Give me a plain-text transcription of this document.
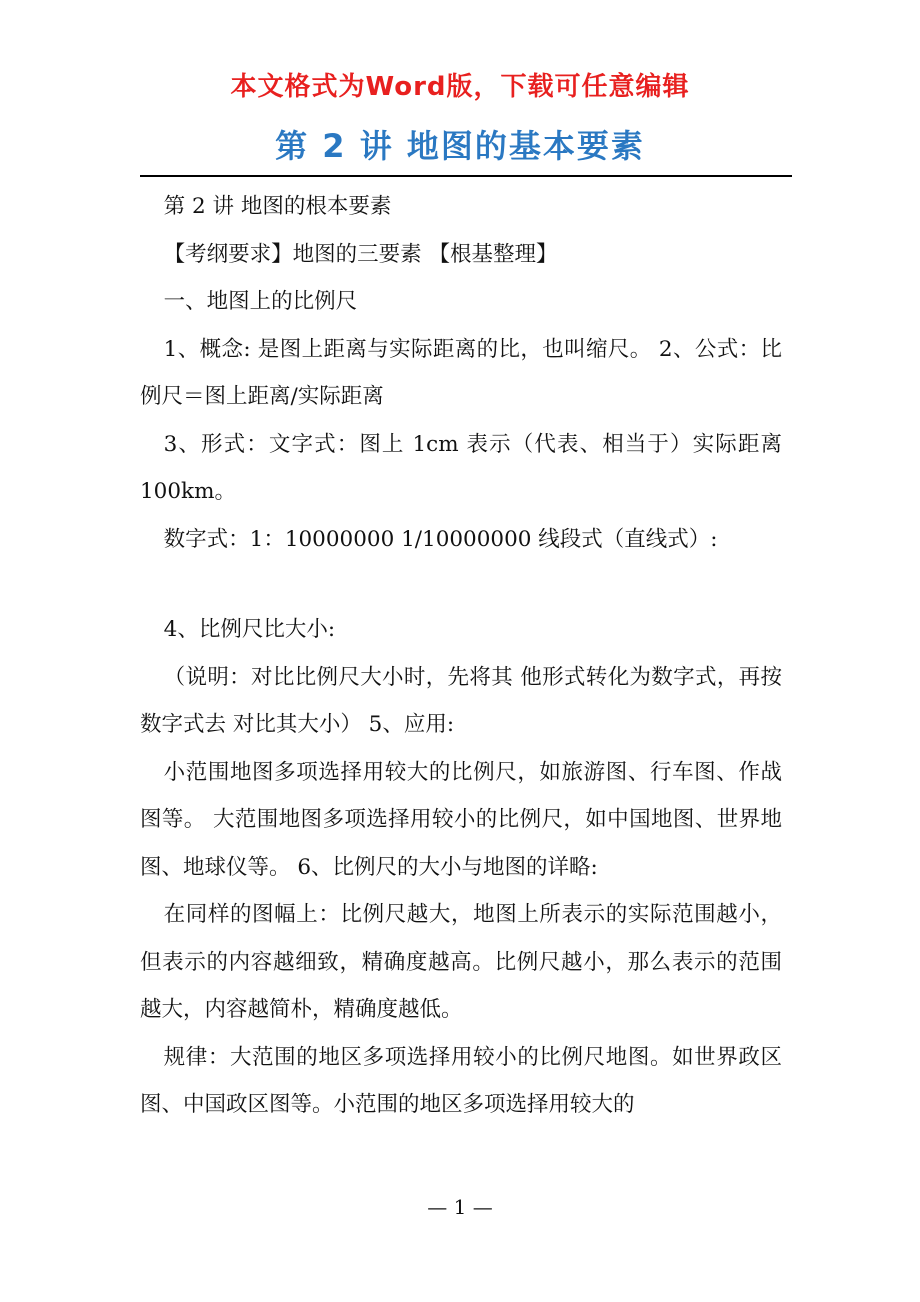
本文格式为Word版，下载可任意编辑
第 2 讲 地图的基本要素

第 2 讲 地图的根本要素

【考纲要求】地图的三要素 【根基整理】

一、地图上的比例尺

1、概念: 是图上距离与实际距离的比，也叫缩尺。 2、公式：比例尺＝图上距离/实际距离

3、形式：文字式：图上 1cm 表示（代表、相当于）实际距离 100km。

数字式：1：10000000 1/10000000 线段式（直线式）:

4、比例尺比大小:

（说明：对比比例尺大小时，先将其 他形式转化为数字式，再按数字式去 对比其大小） 5、应用:

小范围地图多项选择用较大的比例尺，如旅游图、行车图、作战图等。 大范围地图多项选择用较小的比例尺，如中国地图、世界地图、地球仪等。 6、比例尺的大小与地图的详略:

在同样的图幅上：比例尺越大，地图上所表示的实际范围越小，但表示的内容越细致，精确度越高。比例尺越小，那么表示的范围越大，内容越简朴，精确度越低。

规律：大范围的地区多项选择用较小的比例尺地图。如世界政区图、中国政区图等。小范围的地区多项选择用较大的

— 1 —
